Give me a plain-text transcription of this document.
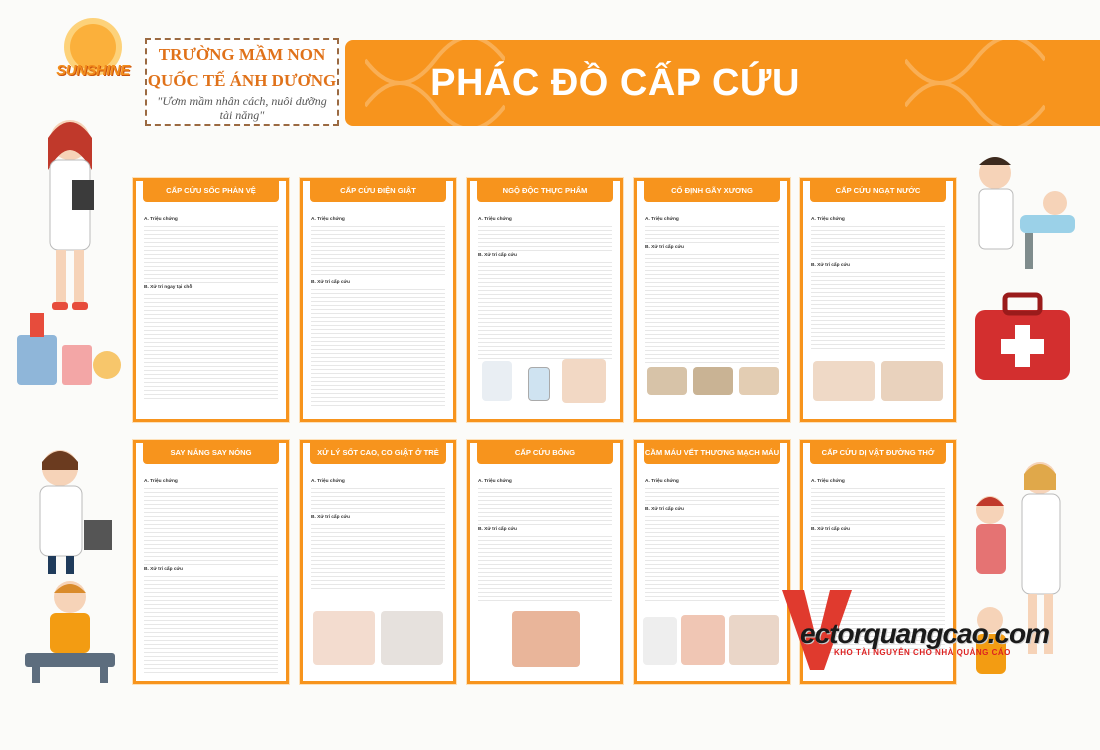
SUNSHINE
TRƯỜNG MẦM NON
QUỐC TẾ ÁNH DƯƠNG
"Ươm mầm nhân cách, nuôi dưỡng tài năng"
PHÁC ĐỒ CẤP CỨU
CẤP CỨU SỐC PHẢN VỆ
A. Triệu chứng
B. Xử trí ngay tại chỗ
CẤP CỨU ĐIỆN GIẬT
A. Triệu chứng
B. Xử trí cấp cứu
NGỘ ĐỘC THỰC PHẨM
A. Triệu chứng
B. Xử trí cấp cứu
CỐ ĐỊNH GÃY XƯƠNG
A. Triệu chứng
B. Xử trí cấp cứu
CẤP CỨU NGẠT NƯỚC
A. Triệu chứng
B. Xử trí cấp cứu
SAY NẮNG SAY NÓNG
A. Triệu chứng
B. Xử trí cấp cứu
XỬ LÝ SỐT CAO, CO GIẬT Ở TRẺ
A. Triệu chứng
B. Xử trí cấp cứu
CẤP CỨU BỎNG
A. Triệu chứng
B. Xử trí cấp cứu
CẦM MÁU VẾT THƯƠNG MẠCH MÁU
A. Triệu chứng
B. Xử trí cấp cứu
CẤP CỨU DỊ VẬT ĐƯỜNG THỞ
A. Triệu chứng
B. Xử trí cấp cứu
ectorquangcao.com
KHO TÀI NGUYÊN CHO NHÀ QUẢNG CÁO
